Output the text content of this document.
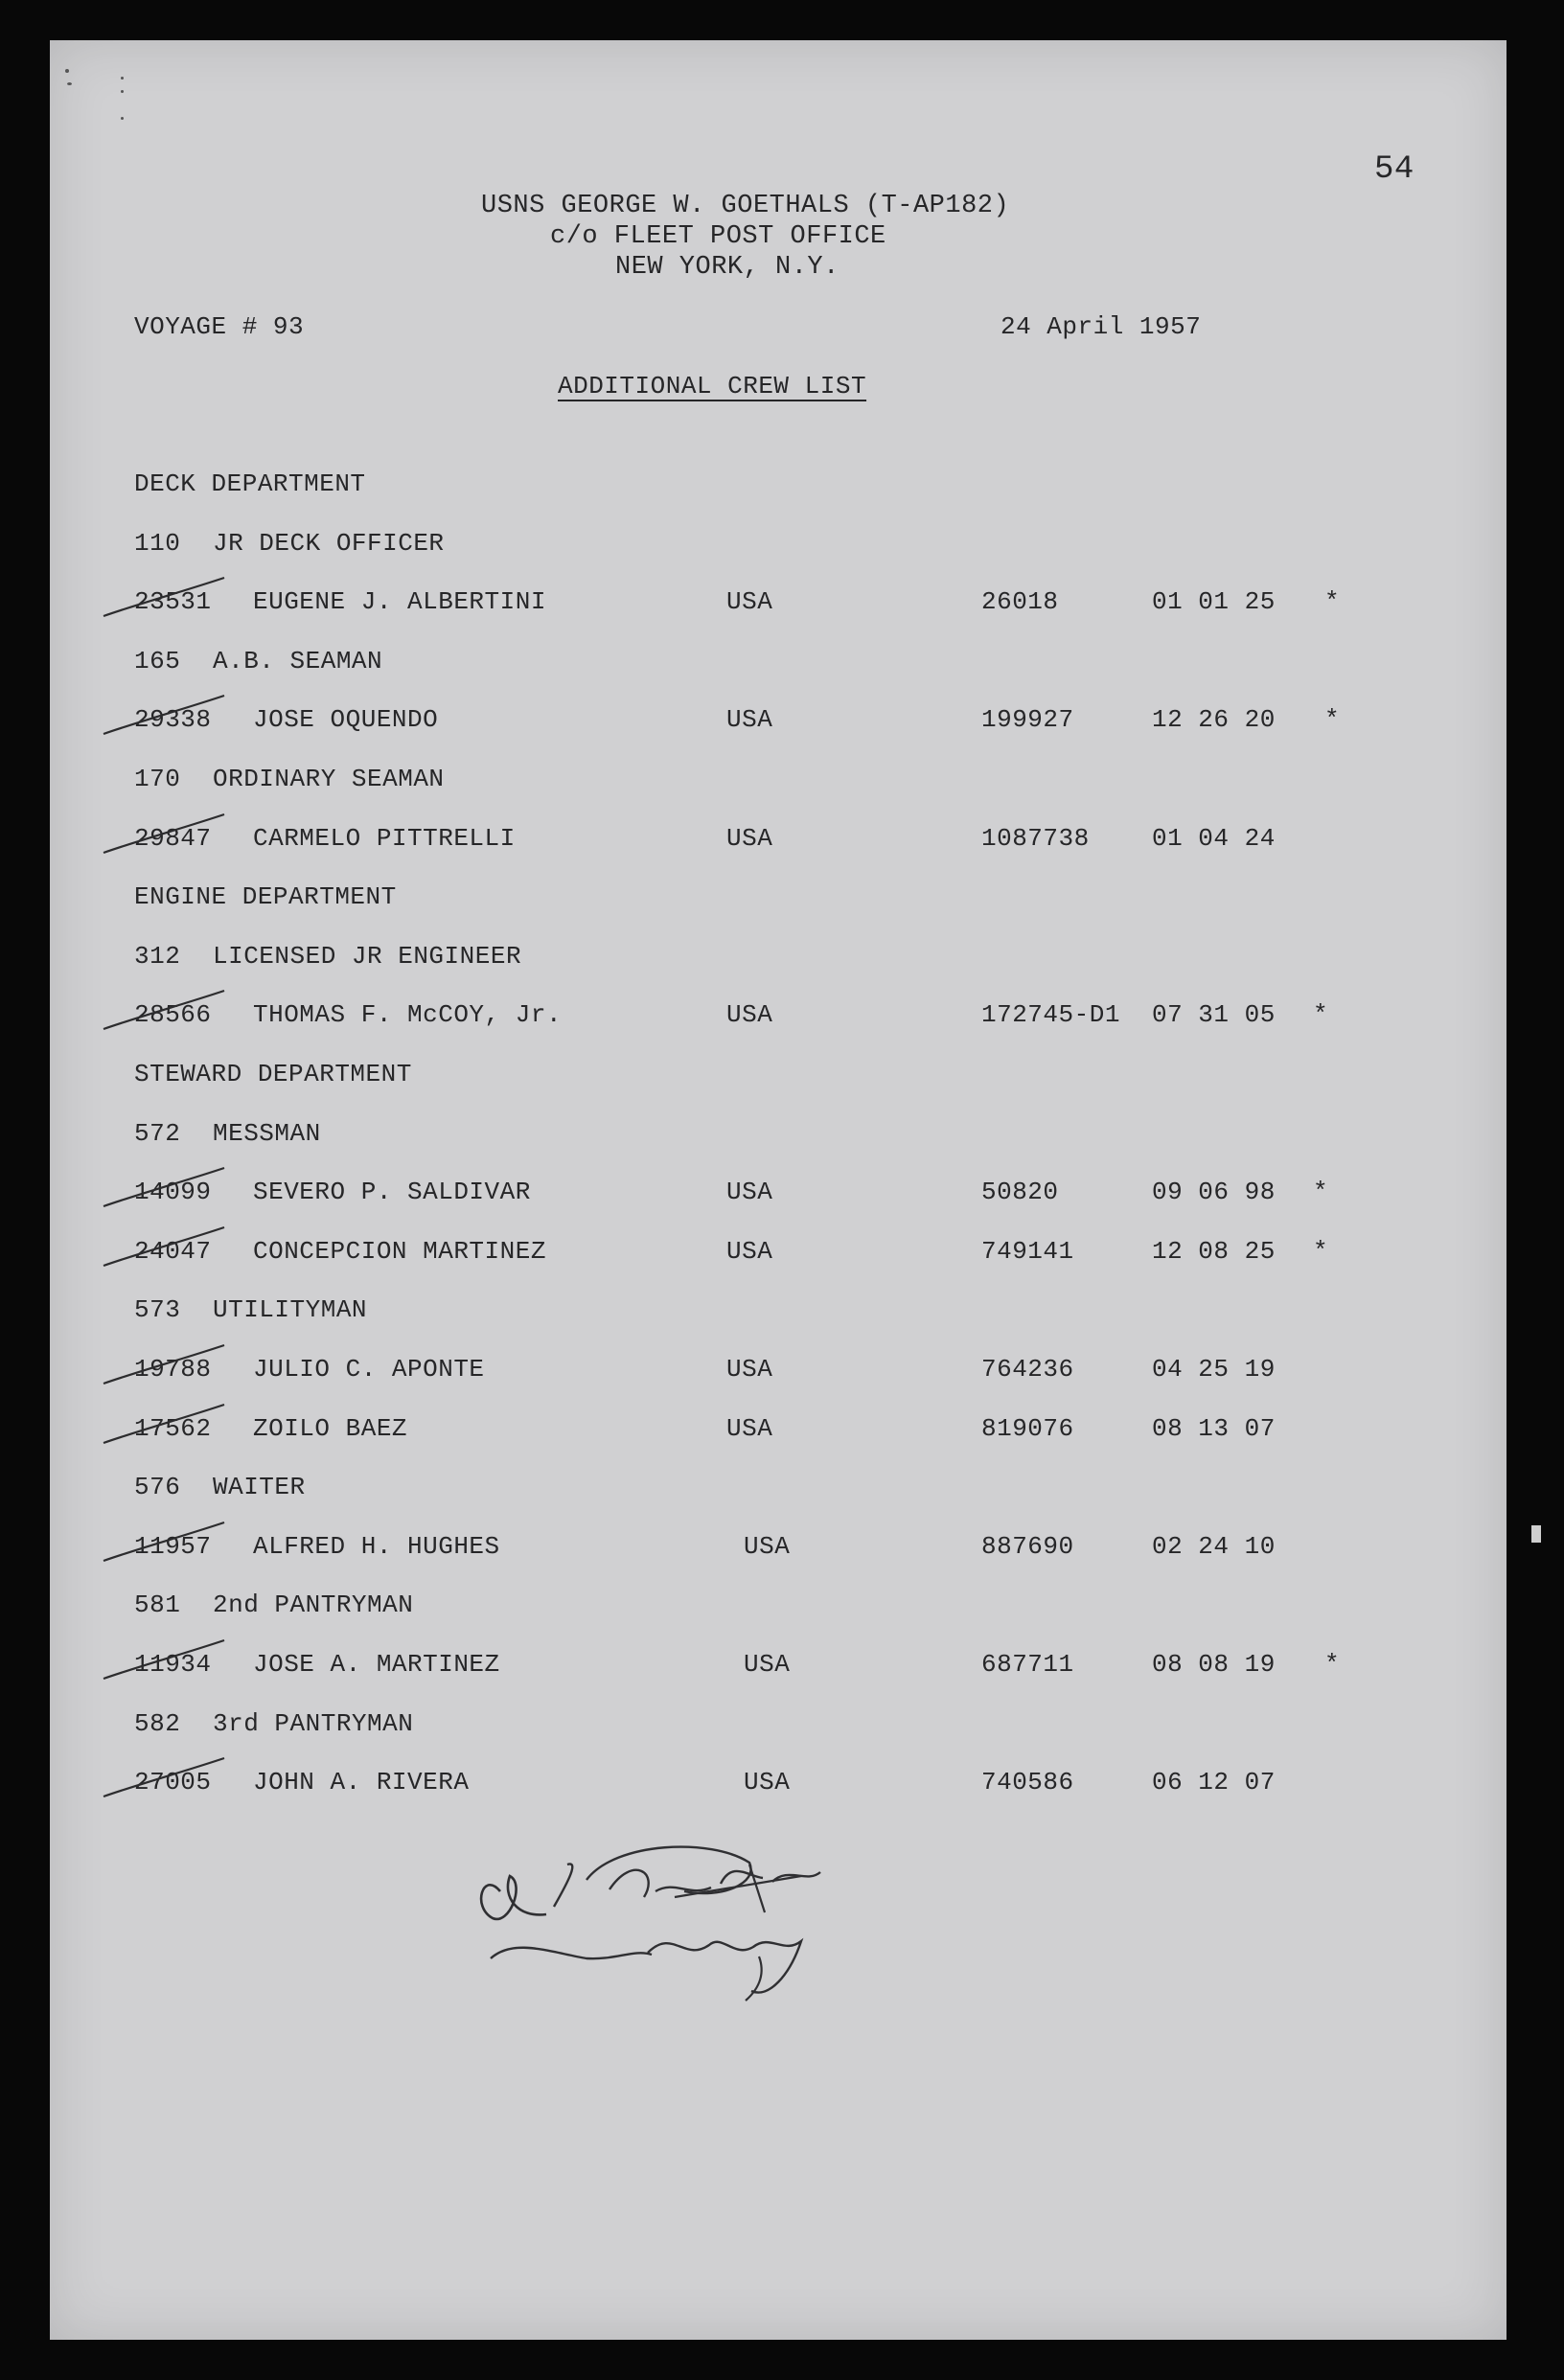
54
USNS GEORGE W. GOETHALS (T-AP182)
c/o FLEET POST OFFICE
NEW YORK, N.Y.
VOYAGE # 93	24 April 1957
ADDITIONAL CREW LIST
DECK DEPARTMENT
110 JR DECK OFFICER
23531 EUGENE J. ALBERTINI	USA	26018	01 01 25 *
165 A.B. SEAMAN
29338 JOSE OQUENDO	USA	199927	12 26 20 *
170 ORDINARY SEAMAN
29847 CARMELO PITTRELLI	USA	1087738	01 04 24
ENGINE DEPARTMENT
312 LICENSED JR ENGINEER
28566 THOMAS F. McCOY, Jr.	USA	172745-D1 07 31 05 *
STEWARD DEPARTMENT
572 MESSMAN
14099 SEVERO P. SALDIVAR	USA	50820	09 06 98 *
24047 CONCEPCION MARTINEZ	USA	749141	12 08 25 *
573 UTILITYMAN
19788 JULIO C. APONTE	USA	764236	04 25 19
17562 ZOILO BAEZ	USA	819076	08 13 07
576 WAITER
11957 ALFRED H. HUGHES	USA	887690	02 24 10
581 2nd PANTRYMAN
11934 JOSE A. MARTINEZ	USA	687711	08 08 19 *
582 3rd PANTRYMAN
27005 JOHN A. RIVERA	USA	740586	06 12 07
